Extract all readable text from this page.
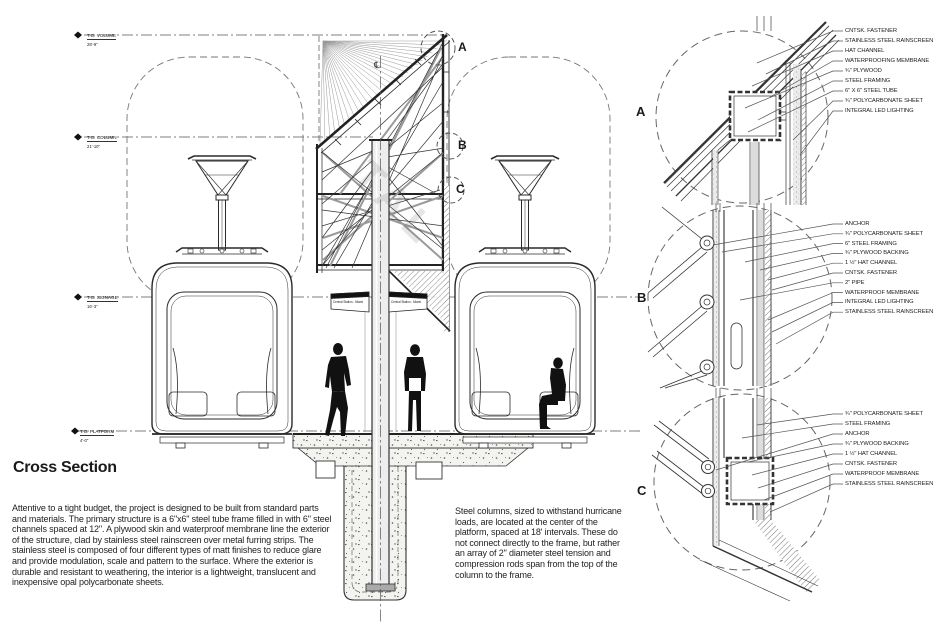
TAL
T.O. VOLUME
28'-9"
T.O. COLUMN
21'-10"
T.O. SIGNAGE
16'-3"
T.O. PLATFORM
4'-0"
A
B
C
A
B
C
Central Station - Miami	Central Station - Miami
℄
Cross Section
Attentive to a tight budget, the project is designed to be built from standard parts and materials. The primary structure is a 6"x6" steel tube frame filled in with 6" steel channels spaced at 12". A plywood skin and waterproof membrane line the exterior of the structure, clad by stainless steel rainscreen over metal furring strips. The stainless steel is composed of four different types of matt finishes to reduce glare and provide modulation, scale and pattern to the surface. Where the exterior is durable and resistant to weathering, the interior is a lightweight, translucent and inexpensive opal polycarbonate sheets.
Steel columns, sized to withstand hurricane loads, are located at the center of the platform, spaced at 18' intervals. These do not connect directly to the frame, but rather an array of 2" diameter steel tension and compression rods span from the top of the column to the frame.
CNTSK. FASTENER
STAINLESS STEEL RAINSCREEN
HAT CHANNEL
WATERPROOFING MEMBRANE
¾" PLYWOOD
STEEL FRAMING
6" X 6" STEEL TUBE
¾" POLYCARBONATE SHEET
INTEGRAL LED LIGHTING
ANCHOR
¾" POLYCARBONATE SHEET
6" STEEL FRAMING
¾" PLYWOOD BACKING
1 ½" HAT CHANNEL
CNTSK. FASTENER
2" PIPE
WATERPROOF MEMBRANE
INTEGRAL LED LIGHTING
STAINLESS STEEL RAINSCREEN
¾" POLYCARBONATE SHEET
STEEL FRAMING
ANCHOR
¾" PLYWOOD BACKING
1 ½" HAT CHANNEL
CNTSK. FASTENER
WATERPROOF MEMBRANE
STAINLESS STEEL RAINSCREEN
